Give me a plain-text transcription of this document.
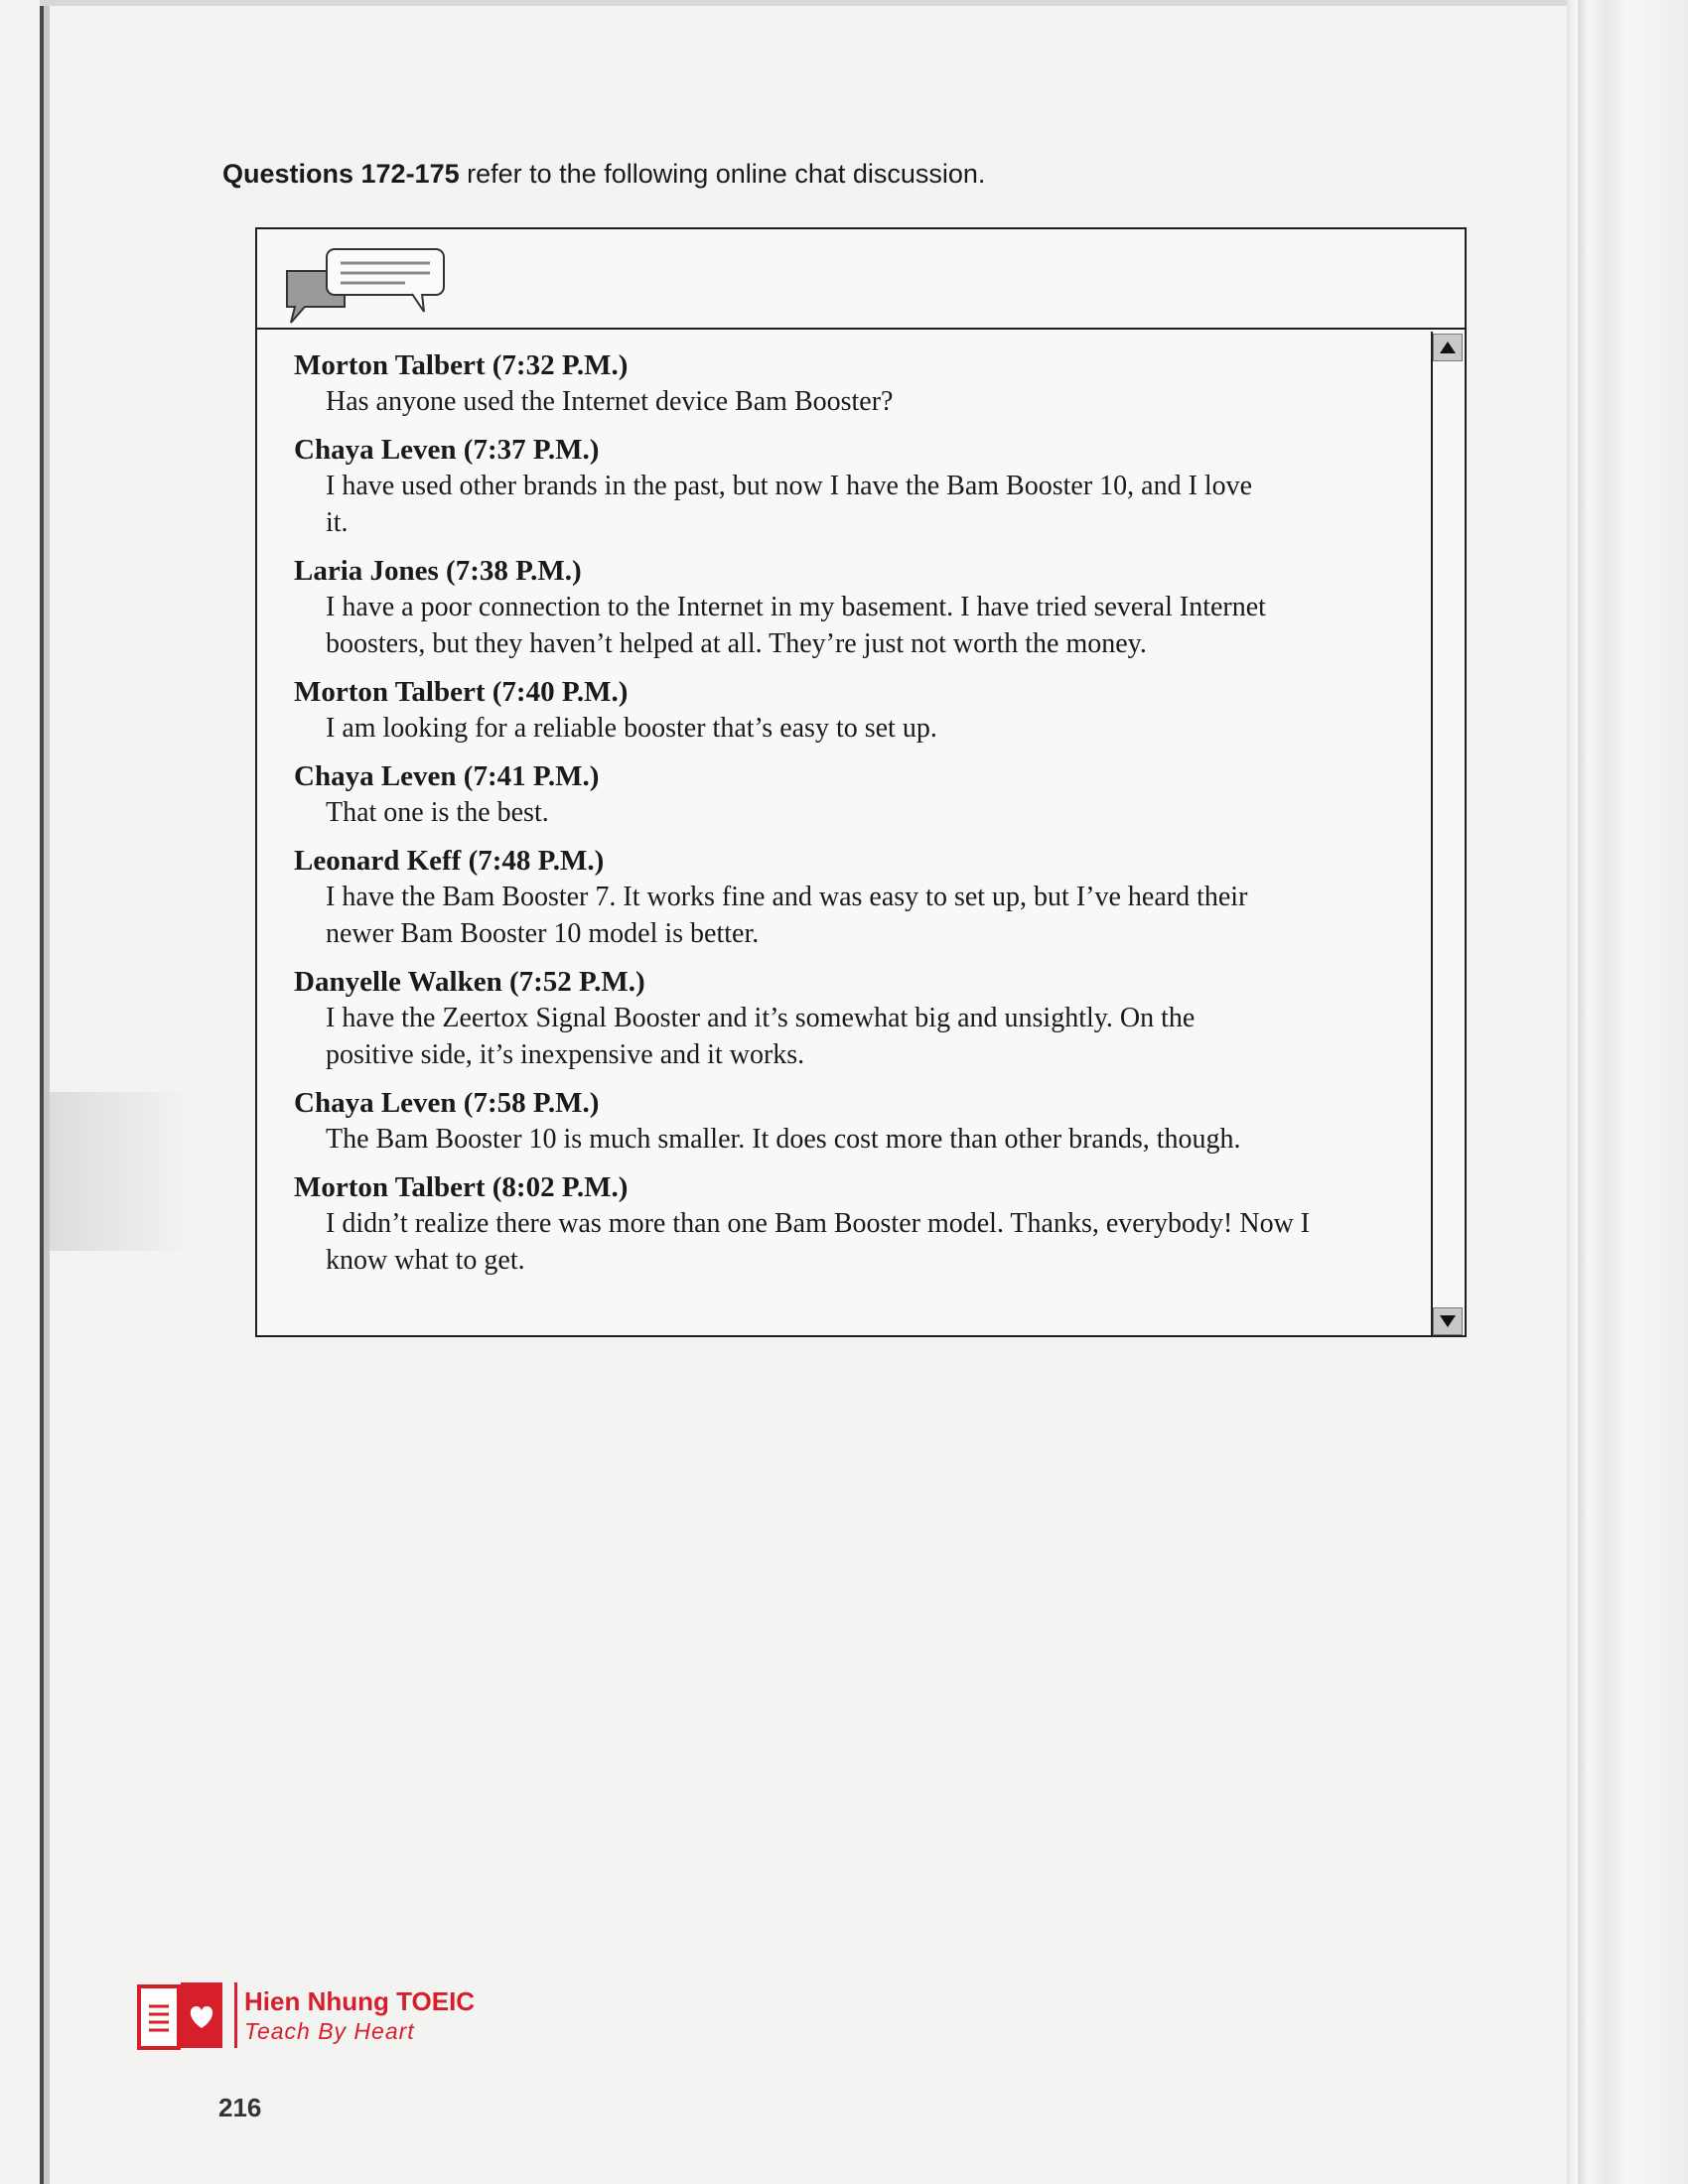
Questions 172-175 refer to the following online chat discussion.
Morton Talbert (7:32 P.M.)
Has anyone used the Internet device Bam Booster?
Chaya Leven (7:37 P.M.)
I have used other brands in the past, but now I have the Bam Booster 10, and I love it.
Laria Jones (7:38 P.M.)
I have a poor connection to the Internet in my basement. I have tried several Internet boosters, but they haven’t helped at all. They’re just not worth the money.
Morton Talbert (7:40 P.M.)
I am looking for a reliable booster that’s easy to set up.
Chaya Leven (7:41 P.M.)
That one is the best.
Leonard Keff (7:48 P.M.)
I have the Bam Booster 7. It works fine and was easy to set up, but I’ve heard their newer Bam Booster 10 model is better.
Danyelle Walken (7:52 P.M.)
I have the Zeertox Signal Booster and it’s somewhat big and unsightly. On the positive side, it’s inexpensive and it works.
Chaya Leven (7:58 P.M.)
The Bam Booster 10 is much smaller. It does cost more than other brands, though.
Morton Talbert (8:02 P.M.)
I didn’t realize there was more than one Bam Booster model. Thanks, everybody! Now I know what to get.
Hien Nhung TOEIC
Teach By Heart
216
